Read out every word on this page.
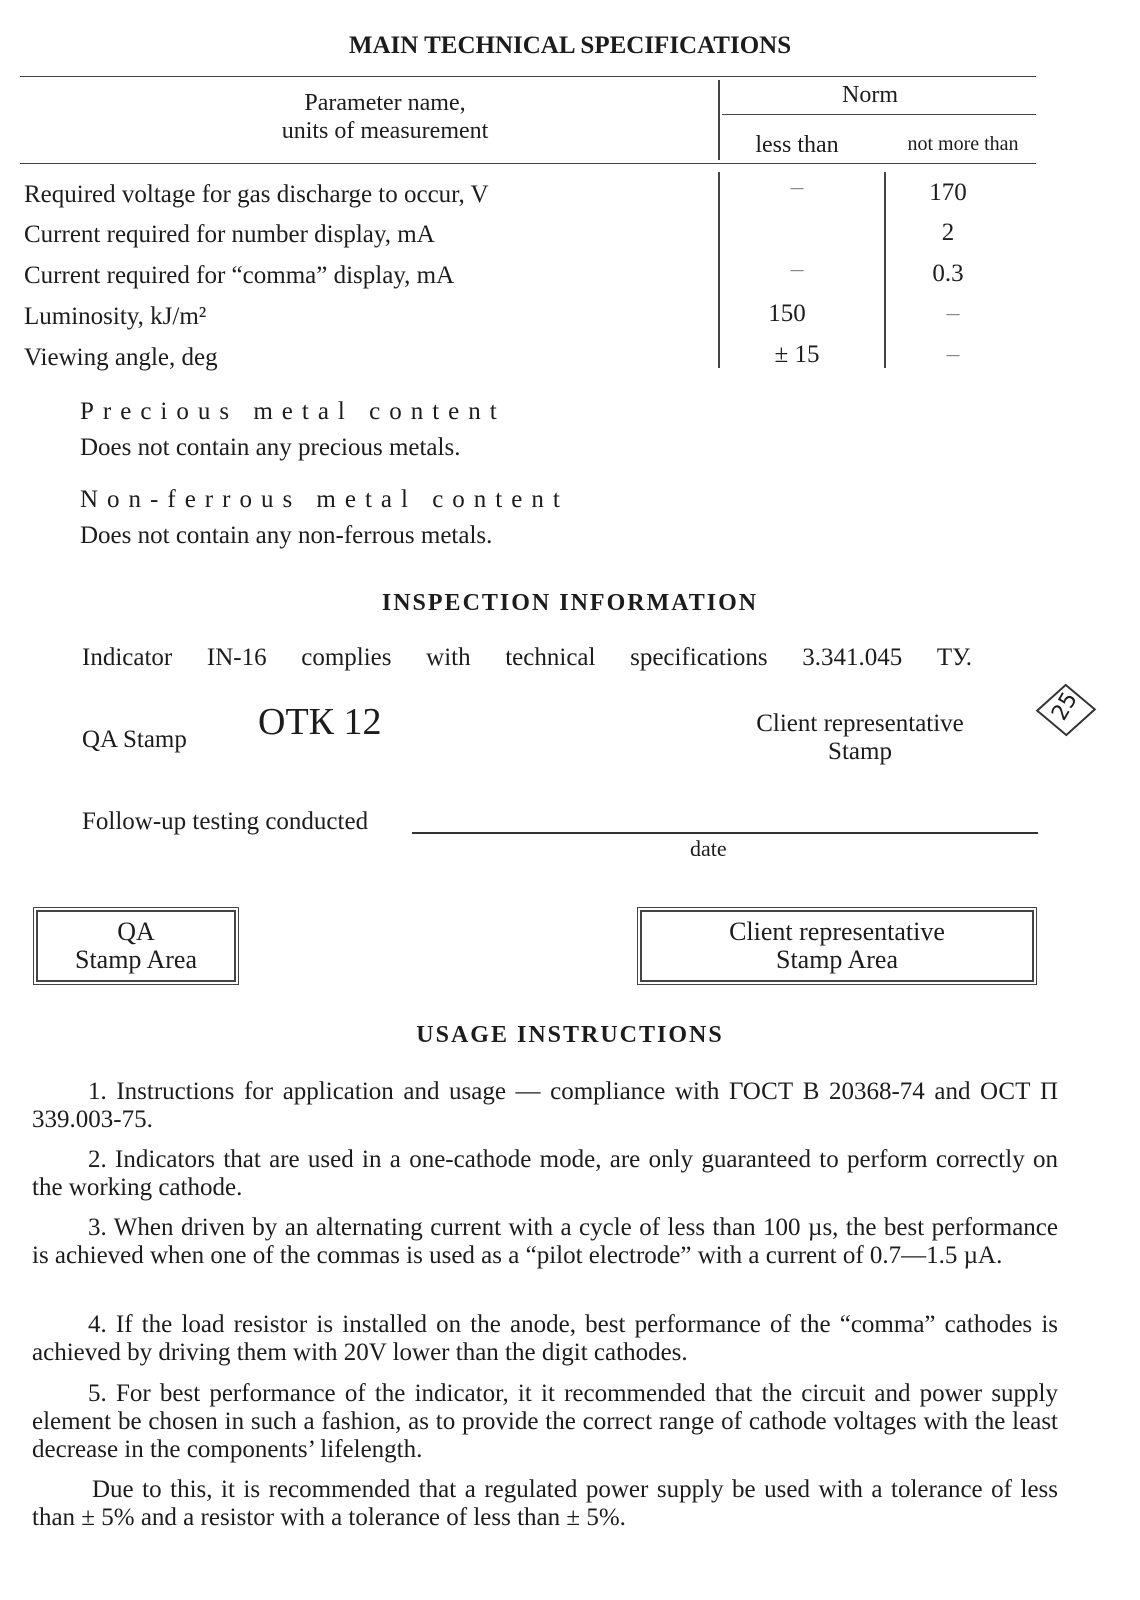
MAIN TECHNICAL SPECIFICATIONS
Parameter name,
units of measurement
Norm
less than	not more than
Required voltage for gas discharge to occur, V
Current required for number display, mA
Current required for “comma” display, mA
Luminosity, kJ/m²
Viewing angle, deg
—
—
150
± 15
170
2
0.3
—
—
Precious metal content
Does not contain any precious metals.
Non-ferrous metal content
Does not contain any non-ferrous metals.
INSPECTION INFORMATION
Indicator IN-16 complies with technical specifications 3.341.045 ТУ.
QA Stamp ОТК 12	Client representative
Stamp
25
Follow-up testing conducted
date
QA
Stamp Area
Client representative
Stamp Area
USAGE INSTRUCTIONS
1. Instructions for application and usage — compliance with ГОСТ В 20368-74 and ОСТ П 339.003-75.
2. Indicators that are used in a one-cathode mode, are only guaranteed to perform correctly on the working cathode.
3. When driven by an alternating current with a cycle of less than 100 µs, the best performance is achieved when one of the commas is used as a “pilot electrode” with a current of 0.7—1.5 µA.
4. If the load resistor is installed on the anode, best performance of the “comma” cathodes is achieved by driving them with 20V lower than the digit cathodes.
5. For best performance of the indicator, it it recommended that the circuit and power supply element be chosen in such a fashion, as to provide the correct range of cathode voltages with the least decrease in the components’ lifelength.
Due to this, it is recommended that a regulated power supply be used with a tolerance of less than ± 5% and a resistor with a tolerance of less than ± 5%.
